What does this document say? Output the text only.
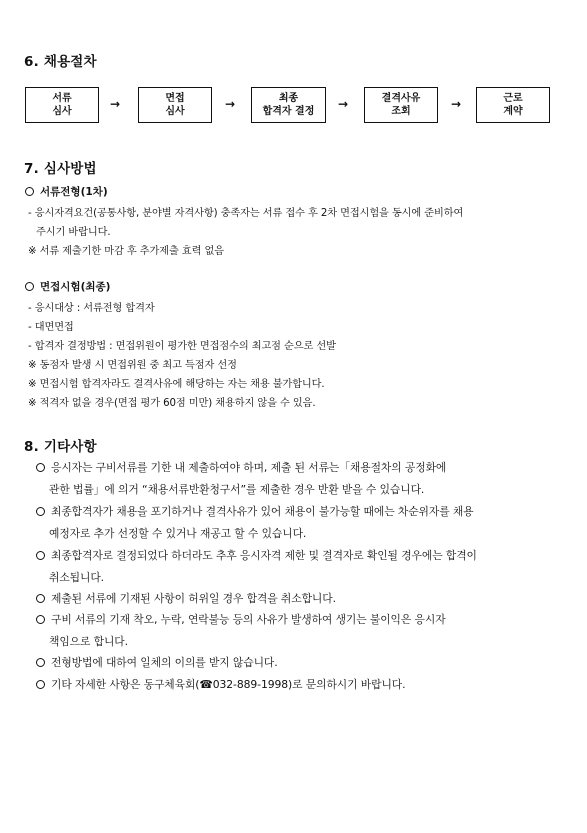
6. 채용절차
서류
심사
→	면접
심사
→	최종
합격자 결정
→	결격사유
조회
→	근로
계약
7. 심사방법
서류전형(1차)
- 응시자격요건(공통사항, 분야별 자격사항) 충족자는 서류 접수 후 2차 면접시험을 동시에 준비하여
주시기 바랍니다.
※ 서류 제출기한 마감 후 추가제출 효력 없음
면접시험(최종)
- 응시대상 : 서류전형 합격자
- 대면면접
- 합격자 결정방법 : 면접위원이 평가한 면접점수의 최고점 순으로 선발
※ 동점자 발생 시 면접위원 중 최고 득점자 선정
※ 면접시험 합격자라도 결격사유에 해당하는 자는 채용 불가합니다.
※ 적격자 없을 경우(면접 평가 60점 미만) 채용하지 않을 수 있음.
8. 기타사항
응시자는 구비서류를 기한 내 제출하여야 하며, 제출 된 서류는「채용절차의 공정화에
관한 법률」에 의거 “채용서류반환청구서”를 제출한 경우 반환 받을 수 있습니다.
최종합격자가 채용을 포기하거나 결격사유가 있어 채용이 불가능할 때에는 차순위자를 채용
예정자로 추가 선정할 수 있거나 재공고 할 수 있습니다.
최종합격자로 결정되었다 하더라도 추후 응시자격 제한 및 결격자로 확인될 경우에는 합격이
취소됩니다.
제출된 서류에 기재된 사항이 허위일 경우 합격을 취소합니다.
구비 서류의 기재 착오, 누락, 연락불능 등의 사유가 발생하여 생기는 불이익은 응시자
책임으로 합니다.
전형방법에 대하여 일체의 이의를 받지 않습니다.
기타 자세한 사항은 동구체육회(☎032-889-1998)로 문의하시기 바랍니다.
